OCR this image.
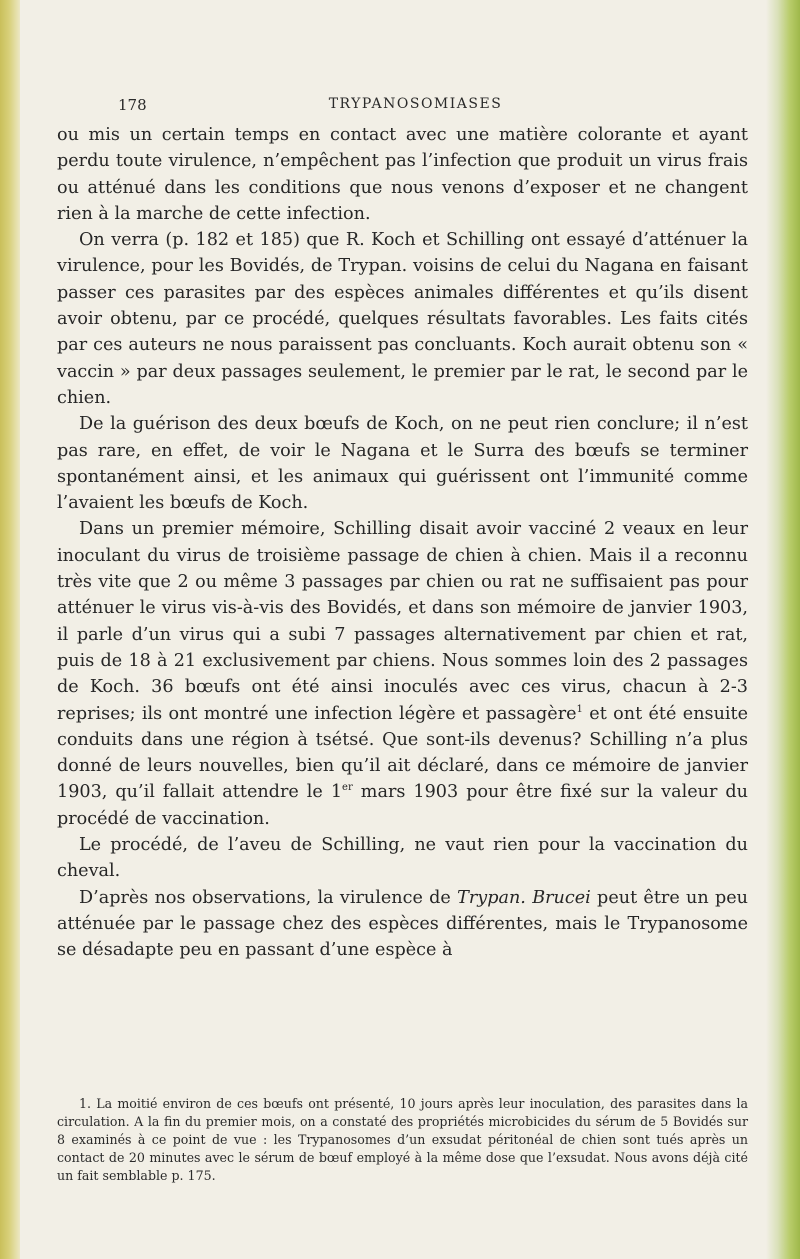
178	TRYPANOSOMIASES

ou mis un certain temps en contact avec une matière colorante et ayant perdu toute virulence, n’empêchent pas l’infection que produit un virus frais ou atténué dans les conditions que nous venons d’exposer et ne changent rien à la marche de cette infection.

On verra (p. 182 et 185) que R. Koch et Schilling ont essayé d’atténuer la virulence, pour les Bovidés, de Trypan. voisins de celui du Nagana en faisant passer ces parasites par des espèces animales différentes et qu’ils disent avoir obtenu, par ce procédé, quelques résultats favorables. Les faits cités par ces auteurs ne nous paraissent pas concluants. Koch aurait obtenu son « vaccin » par deux passages seulement, le premier par le rat, le second par le chien.

De la guérison des deux bœufs de Koch, on ne peut rien conclure; il n’est pas rare, en effet, de voir le Nagana et le Surra des bœufs se terminer spontanément ainsi, et les animaux qui guérissent ont l’immunité comme l’avaient les bœufs de Koch.

Dans un premier mémoire, Schilling disait avoir vacciné 2 veaux en leur inoculant du virus de troisième passage de chien à chien. Mais il a reconnu très vite que 2 ou même 3 passages par chien ou rat ne suffisaient pas pour atténuer le virus vis-à-vis des Bovidés, et dans son mémoire de janvier 1903, il parle d’un virus qui a subi 7 passages alternativement par chien et rat, puis de 18 à 21 exclusivement par chiens. Nous sommes loin des 2 passages de Koch. 36 bœufs ont été ainsi inoculés avec ces virus, chacun à 2-3 reprises; ils ont montré une infection légère et passagère$^1$ et ont été ensuite conduits dans une région à tsétsé. Que sont-ils devenus? Schilling n’a plus donné de leurs nouvelles, bien qu’il ait déclaré, dans ce mémoire de janvier 1903, qu’il fallait attendre le 1er mars 1903 pour être fixé sur la valeur du procédé de vaccination.

Le procédé, de l’aveu de Schilling, ne vaut rien pour la vaccination du cheval.

D’après nos observations, la virulence de Trypan. Brucei peut être un peu atténuée par le passage chez des espèces différentes, mais le Trypanosome se désadapte peu en passant d’une espèce à

1. La moitié environ de ces bœufs ont présenté, 10 jours après leur inoculation, des parasites dans la circulation. A la fin du premier mois, on a constaté des propriétés microbicides du sérum de 5 Bovidés sur 8 examinés à ce point de vue : les Trypanosomes d’un exsudat péritonéal de chien sont tués après un contact de 20 minutes avec le sérum de bœuf employé à la même dose que l’exsudat. Nous avons déjà cité un fait semblable p. 175.
